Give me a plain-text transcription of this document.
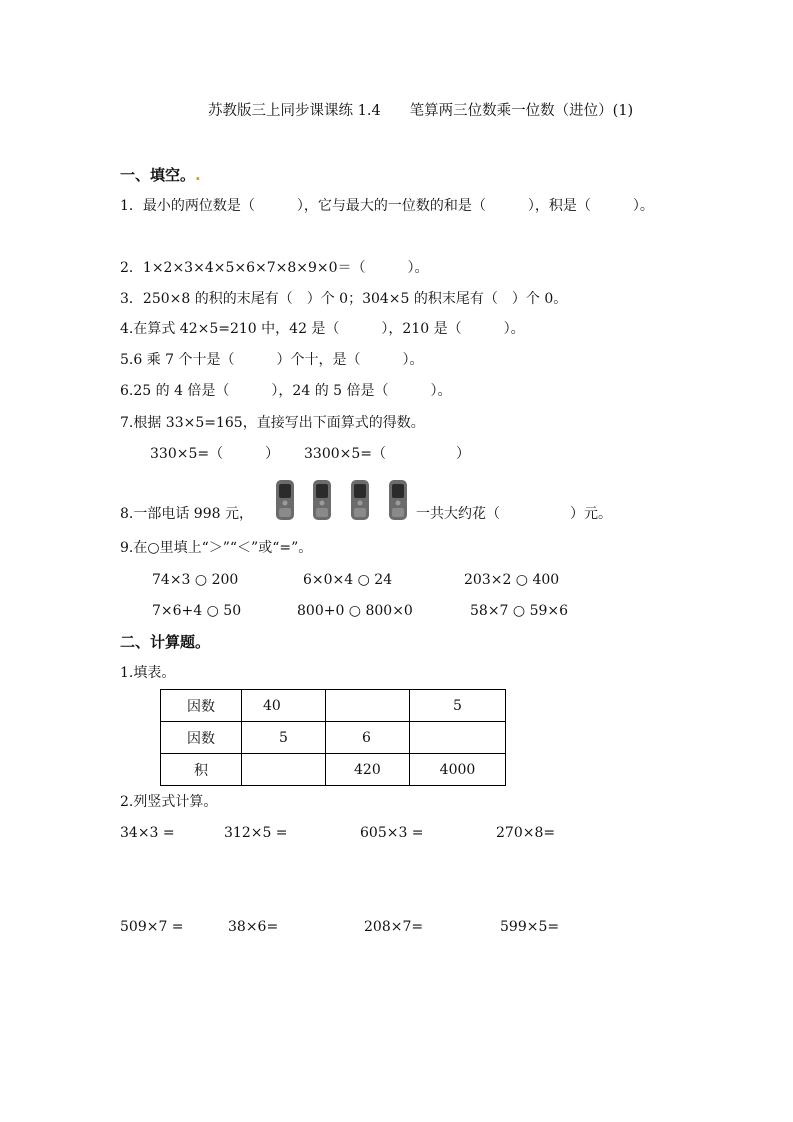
苏教版三上同步课课练 1.4　　笔算两三位数乘一位数（进位）(1)
一、填空。.
1．最小的两位数是（　　　），它与最大的一位数的和是（　　　），积是（　　　）。
2．1×2×3×4×5×6×7×8×9×0＝（　　　）。
3．250×8 的积的末尾有（　）个 0；304×5 的积末尾有（　）个 0。
4.在算式 42×5=210 中，42 是（　　　），210 是（　　　）。
5.6 乘 7 个十是（　　　）个十，是（　　　）。
6.25 的 4 倍是（　　　），24 的 5 倍是（　　　）。
7.根据 33×5=165，直接写出下面算式的得数。
330×5=（　　　） 3300×5=（　　　　　）
8.一部电话 998 元，	一共大约花（　　　　　）元。
9.在○里填上“＞”“＜”或“=”。
74×3 ○ 200	6×0×4 ○ 24	203×2 ○ 400
7×6+4 ○ 50	800+0 ○ 800×0	58×7 ○ 59×6
二、计算题。
1.填表。
因数	40		5
因数	5	6	
积		420	4000
2.列竖式计算。
34×3 =	312×5 =	605×3 =	270×8=
509×7 =	38×6=	208×7=	599×5=
